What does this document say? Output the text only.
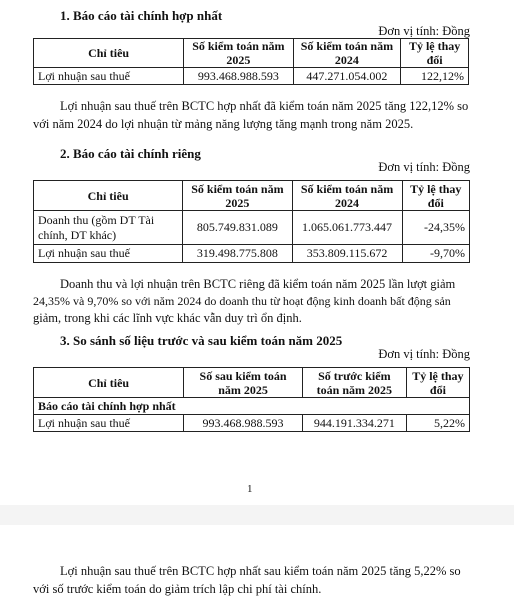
1. Báo cáo tài chính hợp nhất
Đơn vị tính: Đồng
Chỉ tiêu	Số kiểm toán năm 2025	Số kiểm toán năm 2024	Tỷ lệ thay đổi
Lợi nhuận sau thuế	993.468.988.593	447.271.054.002	122,12%
Lợi nhuận sau thuế trên BCTC hợp nhất đã kiểm toán năm 2025 tăng 122,12% so
với năm 2024 do lợi nhuận từ mảng năng lượng tăng mạnh trong năm 2025.
2. Báo cáo tài chính riêng
Đơn vị tính: Đồng
Chỉ tiêu	Số kiểm toán năm 2025	Số kiểm toán năm 2024	Tỷ lệ thay đổi
Doanh thu (gồm DT Tài chính, DT khác)	805.749.831.089	1.065.061.773.447	-24,35%
Lợi nhuận sau thuế	319.498.775.808	353.809.115.672	-9,70%
Doanh thu và lợi nhuận trên BCTC riêng đã kiểm toán năm 2025 lần lượt giảm
24,35% và 9,70% so với năm 2024 do doanh thu từ hoạt động kinh doanh bất động sản
giảm, trong khi các lĩnh vực khác vẫn duy trì ổn định.
3. So sánh số liệu trước và sau kiểm toán năm 2025
Đơn vị tính: Đồng
Chỉ tiêu	Số sau kiểm toán năm 2025	Số trước kiểm toán năm 2025	Tỷ lệ thay đổi
Báo cáo tài chính hợp nhất			
Lợi nhuận sau thuế	993.468.988.593	944.191.334.271	5,22%
1
Lợi nhuận sau thuế trên BCTC hợp nhất sau kiểm toán năm 2025 tăng 5,22% so
với số trước kiểm toán do giảm trích lập chi phí tài chính.
